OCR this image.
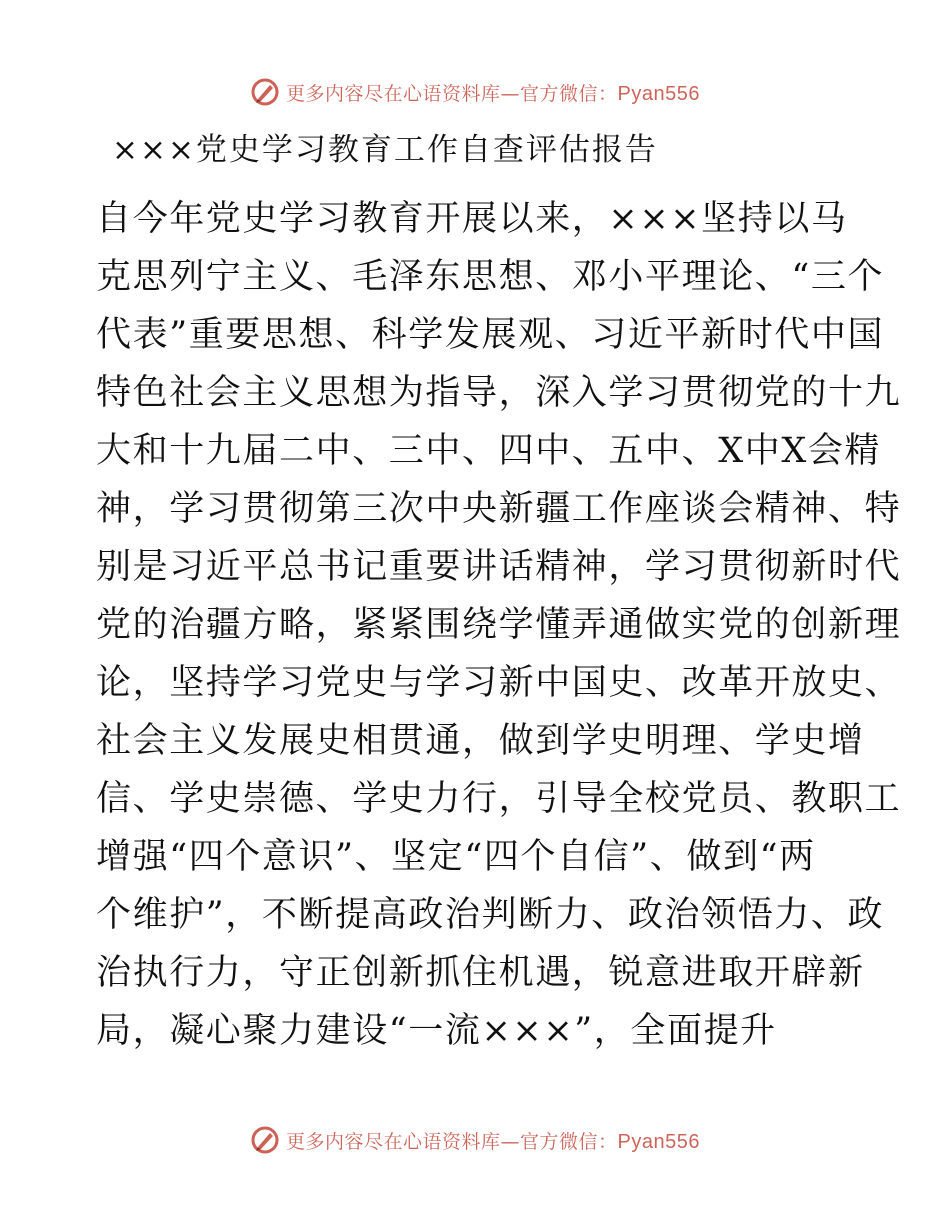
更多内容尽在心语资料库—官方微信：Pyan556
×××党史学习教育工作自查评估报告
自今年党史学习教育开展以来，×××坚持以马
克思列宁主义、毛泽东思想、邓小平理论、“三个
代表”重要思想、科学发展观、习近平新时代中国
特色社会主义思想为指导，深入学习贯彻党的十九
大和十九届二中、三中、四中、五中、X中X会精
神，学习贯彻第三次中央新疆工作座谈会精神、特
别是习近平总书记重要讲话精神，学习贯彻新时代
党的治疆方略，紧紧围绕学懂弄通做实党的创新理
论，坚持学习党史与学习新中国史、改革开放史、
社会主义发展史相贯通，做到学史明理、学史增
信、学史崇德、学史力行，引导全校党员、教职工
增强“四个意识”、坚定“四个自信”、做到“两
个维护”，不断提高政治判断力、政治领悟力、政
治执行力，守正创新抓住机遇，锐意进取开辟新
局，凝心聚力建设“一流×××”，全面提升
更多内容尽在心语资料库—官方微信：Pyan556
